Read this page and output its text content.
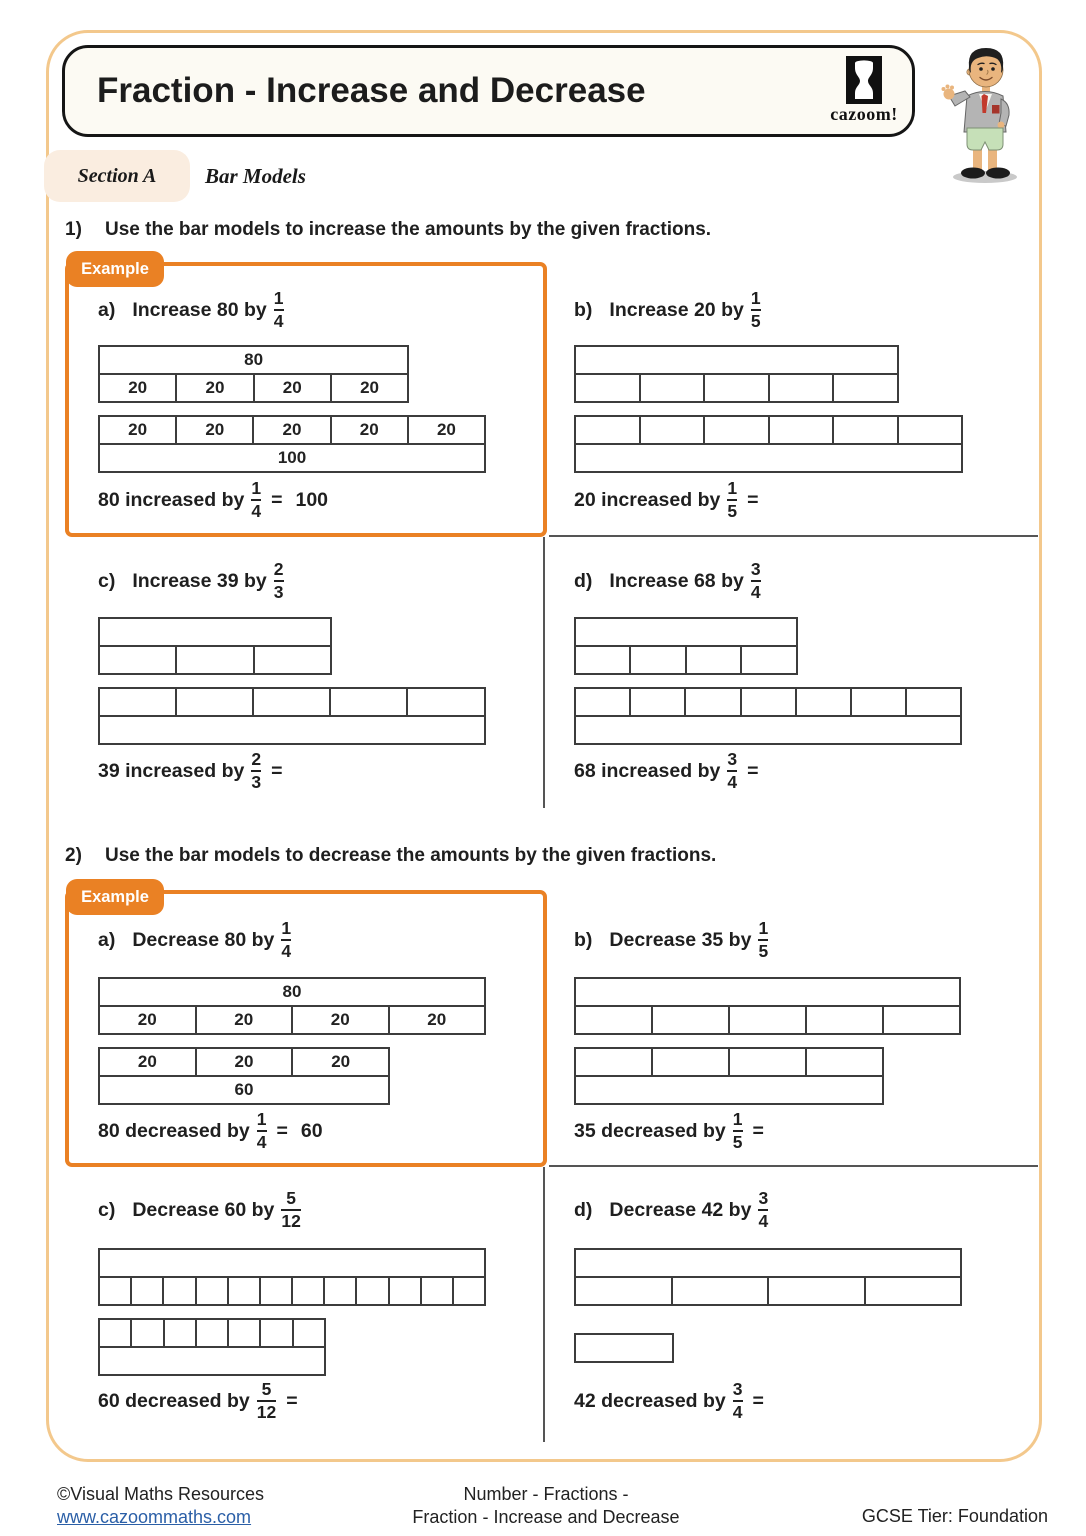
Fraction - Increase and Decrease
cazoom!
Section A Bar Models
1)	Use the bar models to increase the amounts by the given fractions.
Example
2)	Use the bar models to decrease the amounts by the given fractions.
Example
a) Increase 80 by $\frac{1}{4}$
80
20	20	20	20
20	20	20	20	20
100
80 increased by $\frac{1}{4} = 100$
b) Increase 20 by $\frac{1}{5}$
20 increased by $\frac{1}{5}$ =
c) Increase 39 by $\frac{2}{3}$
39 increased by $\frac{2}{3}$ =
d) Increase 68 by $\frac{3}{4}$
68 increased by $\frac{3}{4}$ =
a) Decrease 80 by $\frac{1}{4}$
80
20	20	20	20
20	20	20
60
80 decreased by $\frac{1}{4} = 60$
b) Decrease 35 by $\frac{1}{5}$
35 decreased by $\frac{1}{5}$ =
c) Decrease 60 by $\frac{5}{12}$
60 decreased by $\frac{5}{12}$ =
d) Decrease 42 by $\frac{3}{4}$
42 decreased by $\frac{3}{4}$ =
©Visual Maths Resources
www.cazoommaths.com
Number - Fractions -
Fraction - Increase and Decrease	GCSE Tier: Foundation
